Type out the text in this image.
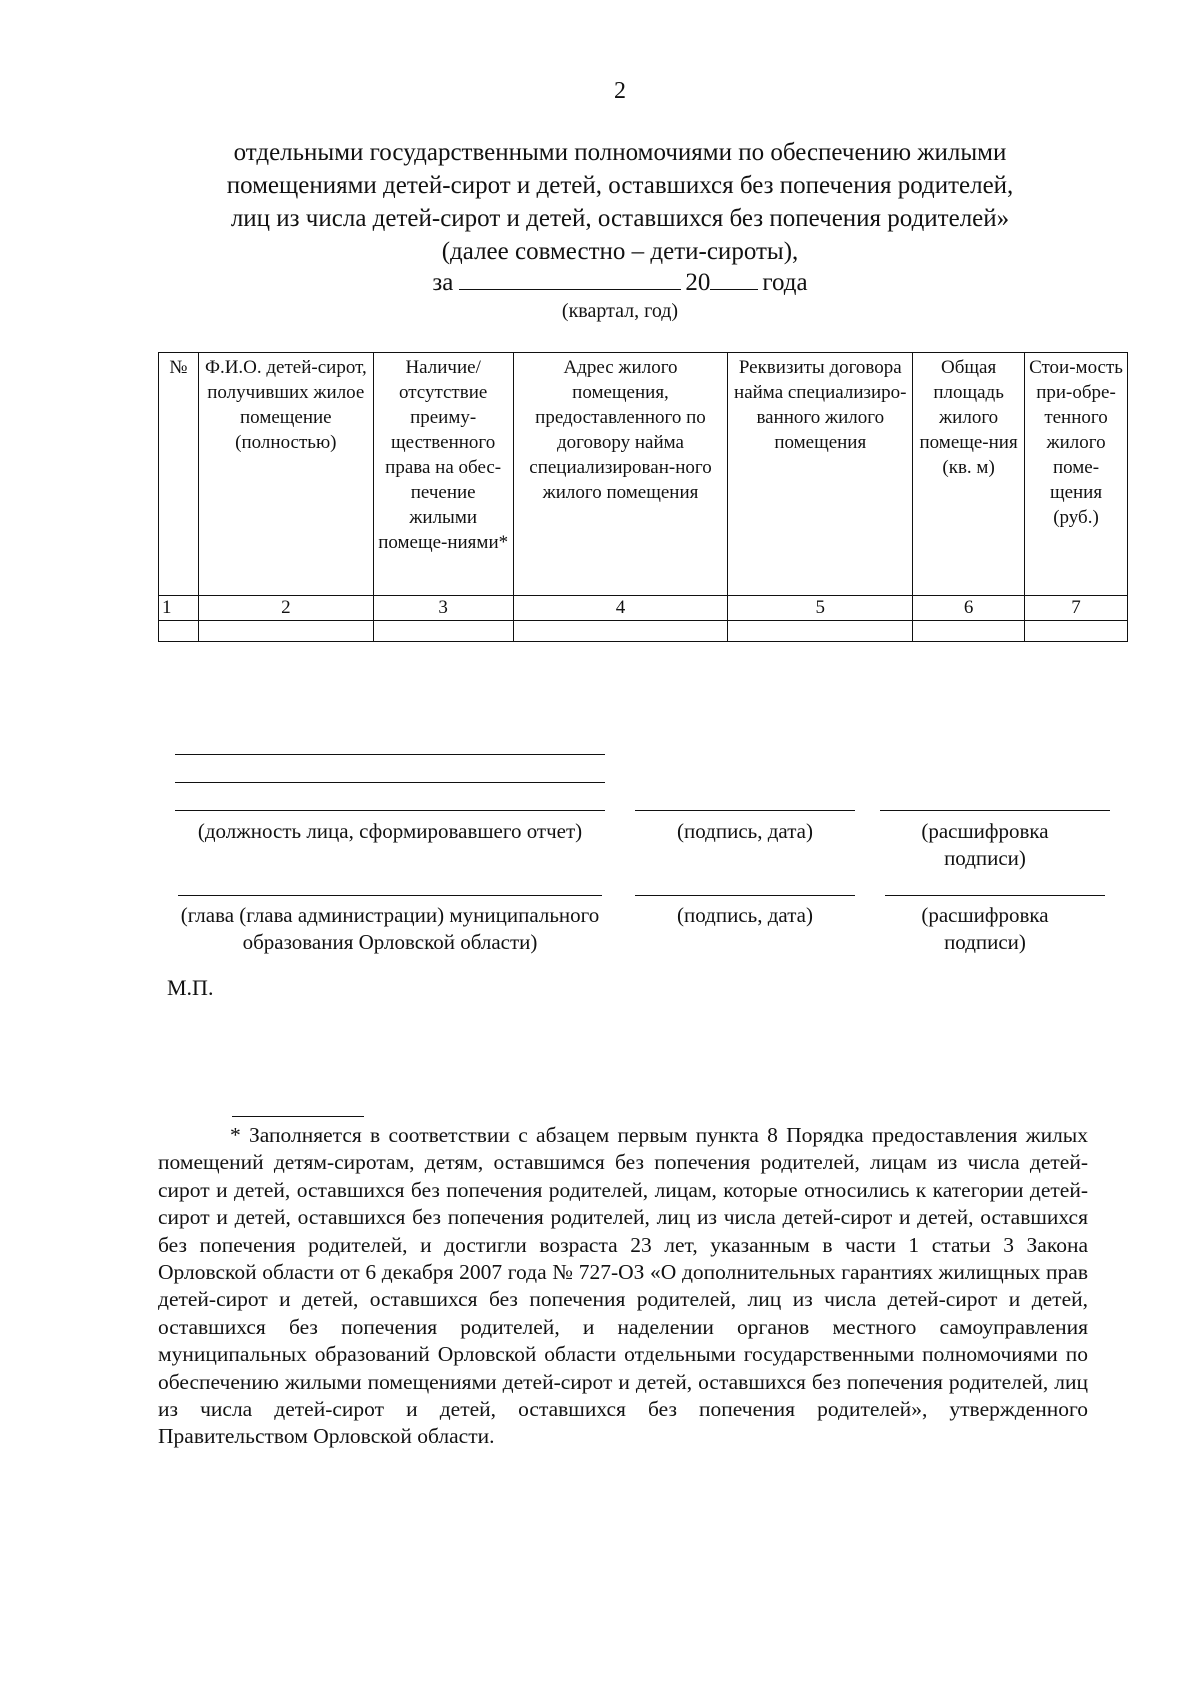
2
отдельными государственными полномочиями по обеспечению жилыми
помещениями детей-сирот и детей, оставшихся без попечения родителей,
лиц из числа детей-сирот и детей, оставшихся без попечения родителей»
(далее совместно – дети-сироты),
за	20 года
(квартал, год)
№	Ф.И.О. детей-сирот, получивших жилое помещение (полностью)	Наличие/ отсутствие преиму-щественного права на обес-печение жилыми помеще-ниями*	Адрес жилого помещения, предоставленного по договору найма специализирован-ного жилого помещения	Реквизиты договора найма специализиро-ванного жилого помещения	Общая площадь жилого помеще-ния (кв. м)	Стои-мость при-обре-тенного жилого поме-щения (руб.)
1	2	3	4	5	6	7

(должность лица, сформировавшего отчет)	(подпись, дата)	(расшифровка подписи)
(глава (глава администрации) муниципального образования Орловской области)
(подпись, дата)	(расшифровка подписи)
М.П.
* Заполняется в соответствии с абзацем первым пункта 8 Порядка предоставления жилых помещений детям-сиротам, детям, оставшимся без попечения родителей, лицам из числа детей-сирот и детей, оставшихся без попечения родителей, лицам, которые относились к категории детей-сирот и детей, оставшихся без попечения родителей, лиц из числа детей-сирот и детей, оставшихся без попечения родителей, и достигли возраста 23 лет, указанным в части 1 статьи 3 Закона Орловской области от 6 декабря 2007 года № 727-ОЗ «О дополнительных гарантиях жилищных прав детей-сирот и детей, оставшихся без попечения родителей, лиц из числа детей-сирот и детей, оставшихся без попечения родителей, и наделении органов местного самоуправления муниципальных образований Орловской области отдельными государственными полномочиями по обеспечению жилыми помещениями детей-сирот и детей, оставшихся без попечения родителей, лиц из числа детей-сирот и детей, оставшихся без попечения родителей», утвержденного Правительством Орловской области.
